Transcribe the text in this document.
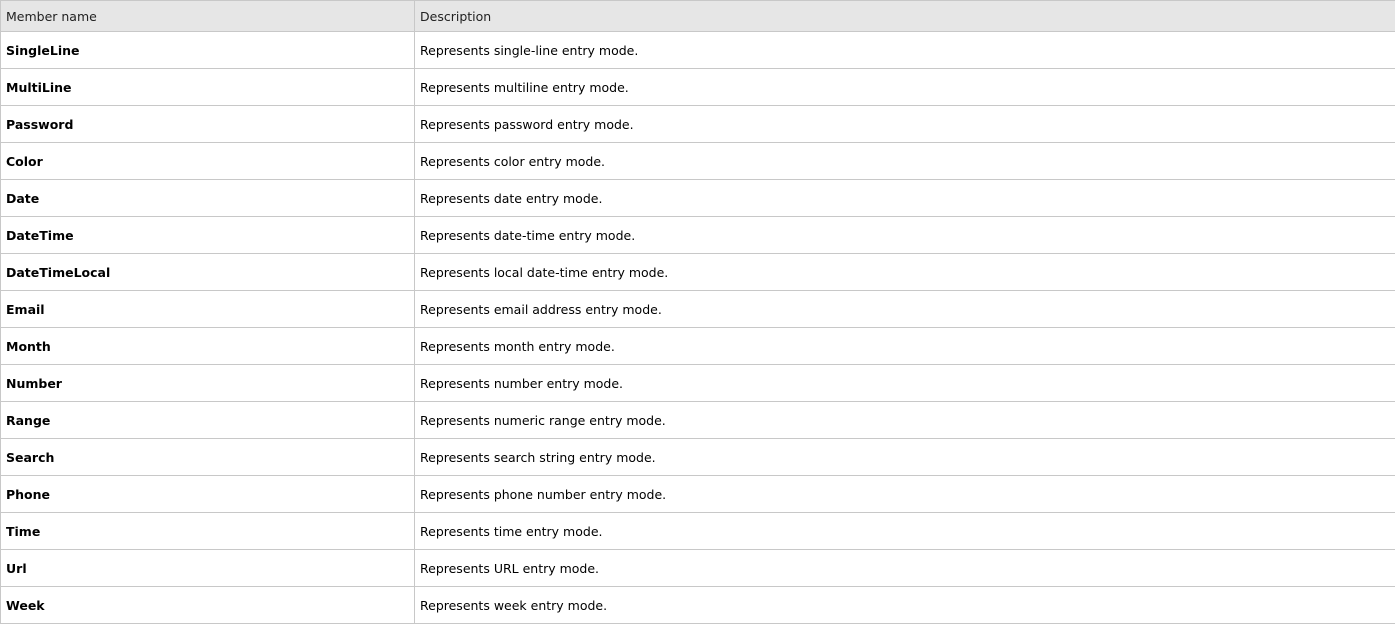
Member name	Description
SingleLine	Represents single-line entry mode.
MultiLine	Represents multiline entry mode.
Password	Represents password entry mode.
Color	Represents color entry mode.
Date	Represents date entry mode.
DateTime	Represents date-time entry mode.
DateTimeLocal	Represents local date-time entry mode.
Email	Represents email address entry mode.
Month	Represents month entry mode.
Number	Represents number entry mode.
Range	Represents numeric range entry mode.
Search	Represents search string entry mode.
Phone	Represents phone number entry mode.
Time	Represents time entry mode.
Url	Represents URL entry mode.
Week	Represents week entry mode.
